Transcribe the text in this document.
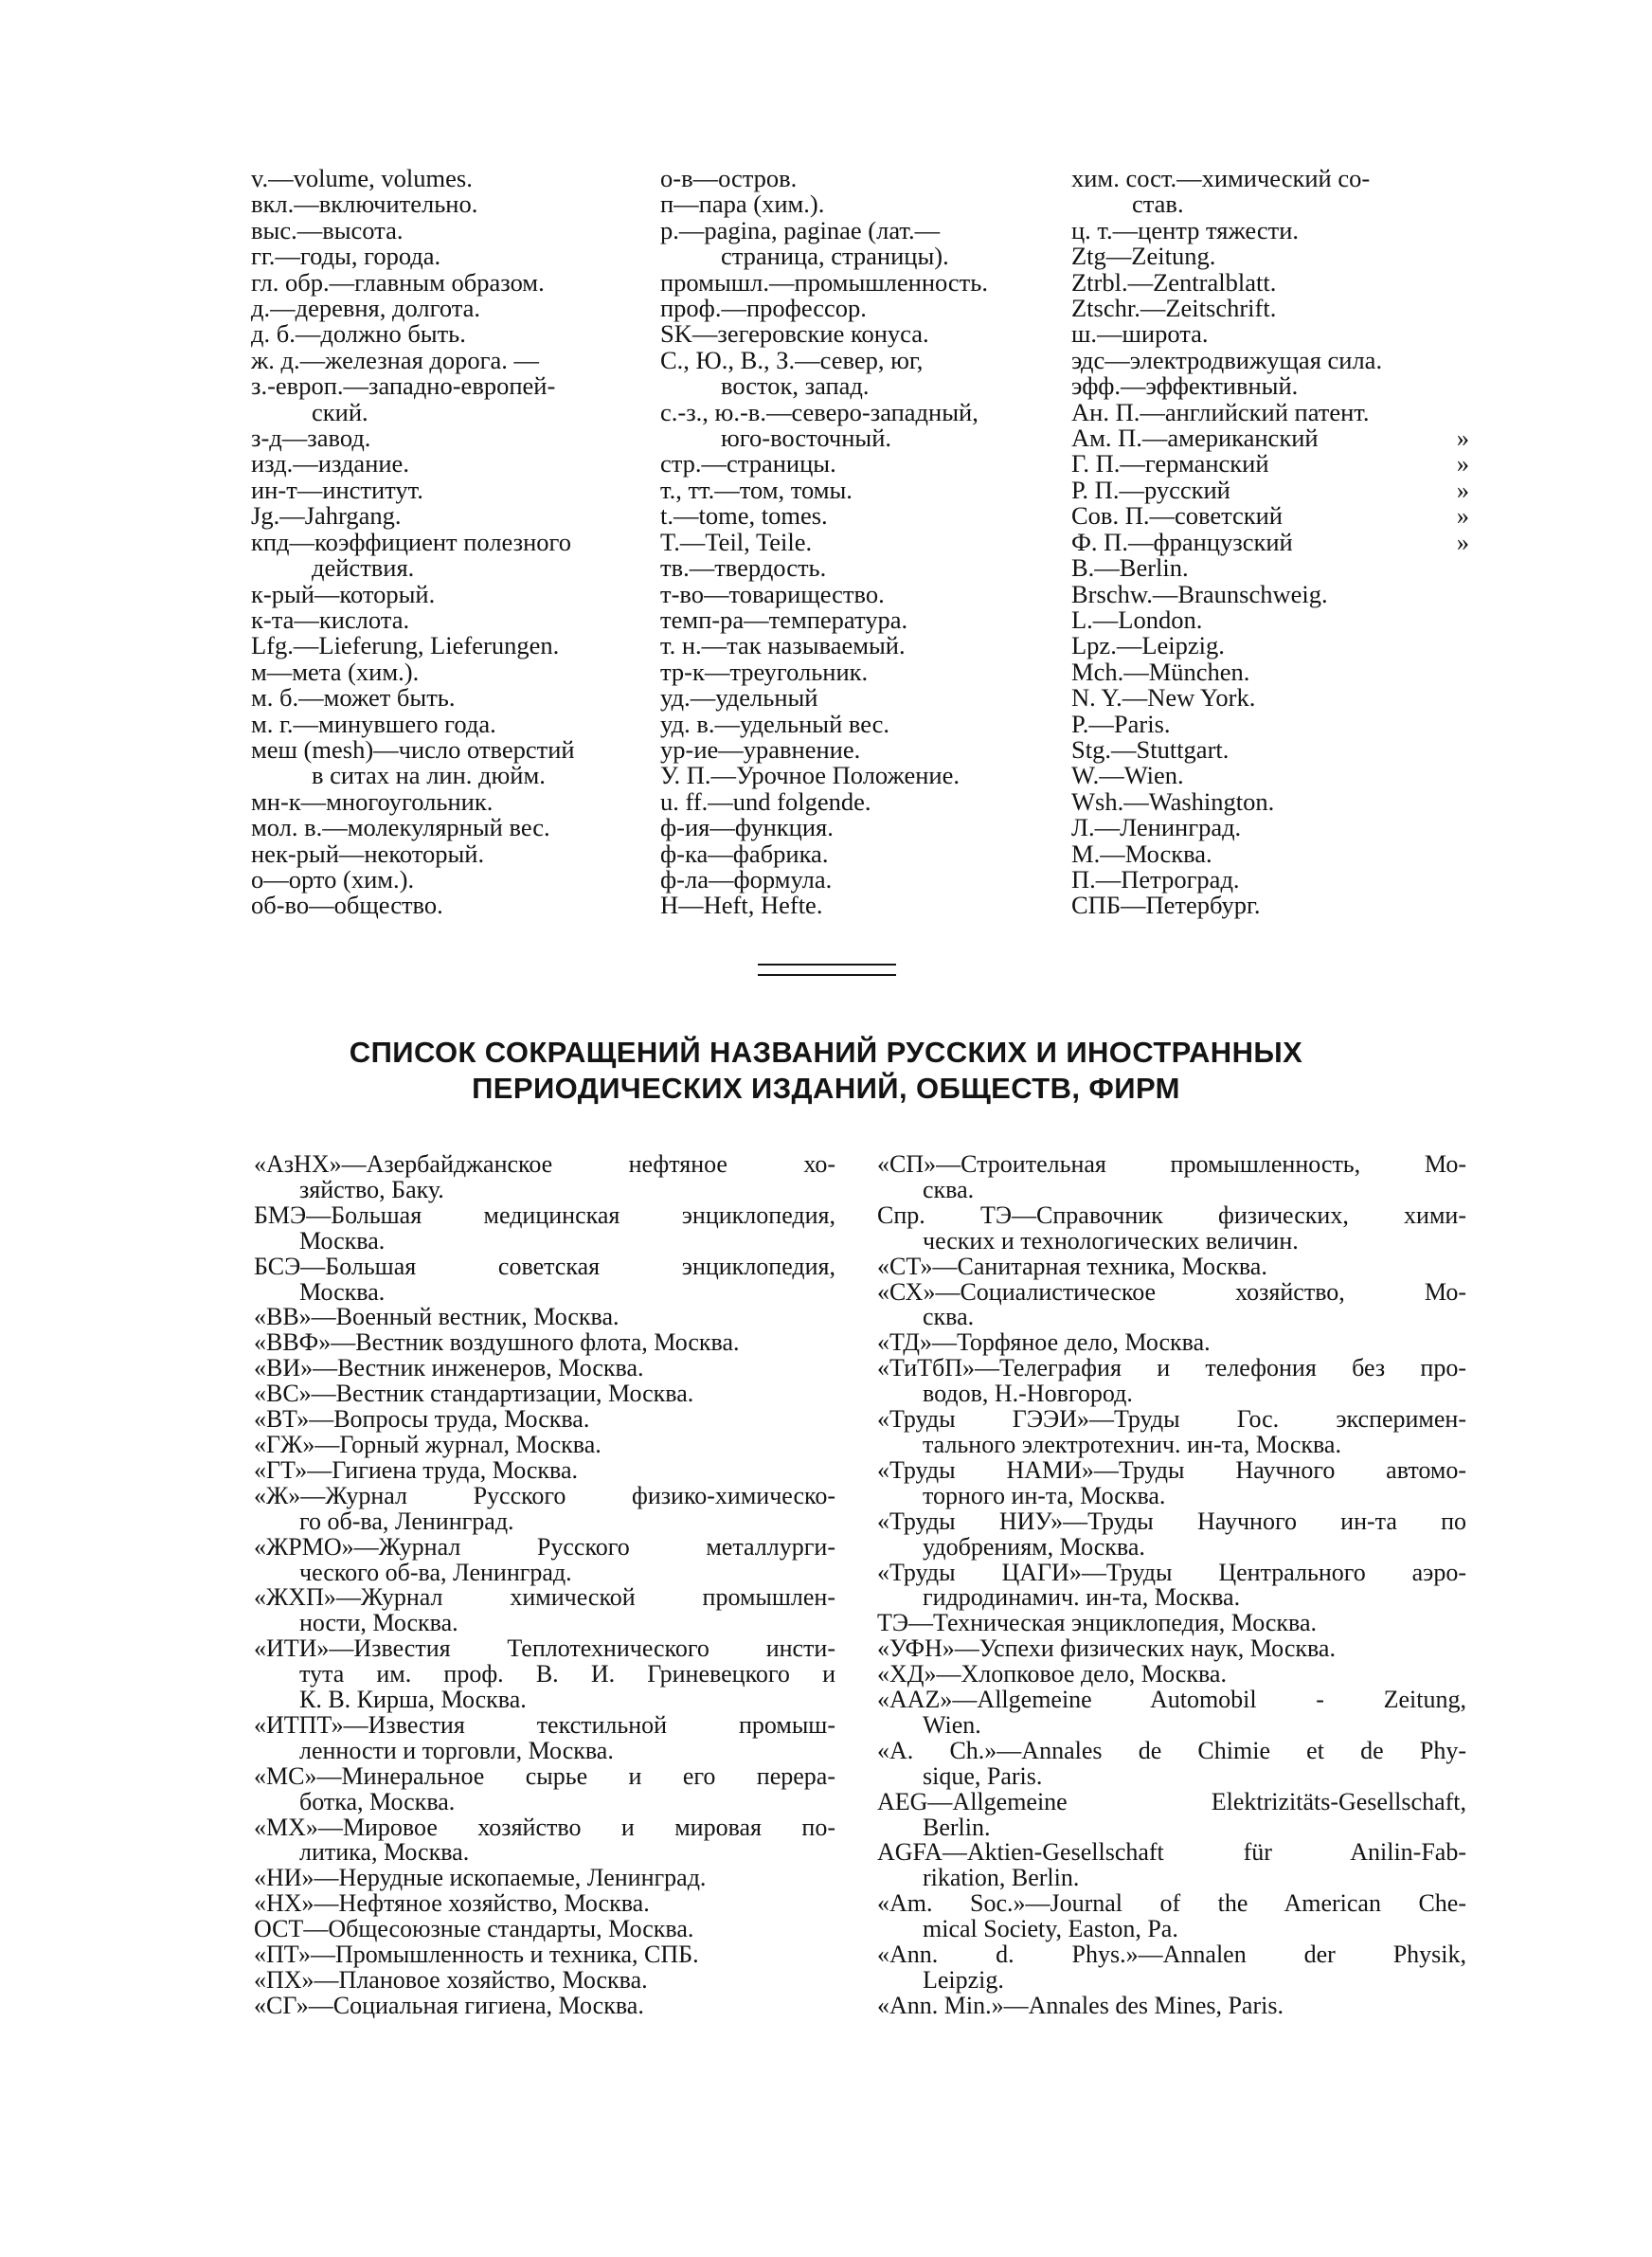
v.—volume, volumes.
вкл.—включительно.
выс.—высота.
гг.—годы, города.
гл. обр.—главным образом.
д.—деревня, долгота.
д. б.—должно быть.
ж. д.—железная дорога. —
з.-европ.—западно-европей-
ский.
з-д—завод.
изд.—издание.
ин-т—институт.
Jg.—Jahrgang.
кпд—коэффициент полезного
действия.
к-рый—который.
к-та—кислота.
Lfg.—Lieferung, Lieferungen.
м—мета (хим.).
м. б.—может быть.
м. г.—минувшего года.
меш (mesh)—число отверстий
в ситах на лин. дюйм.
мн-к—многоугольник.
мол. в.—молекулярный вес.
нек-рый—некоторый.
о—орто (хим.).
об-во—общество.
о-в—остров.
п—пара (хим.).
р.—pagina, paginae (лат.—
страница, страницы).
промышл.—промышленность.
проф.—профессор.
SK—зегеровские конуса.
С., Ю., В., З.—север, юг,
восток, запад.
с.-з., ю.-в.—северо-западный,
юго-восточный.
стр.—страницы.
т., тт.—том, томы.
t.—tome, tomes.
T.—Teil, Teile.
тв.—твердость.
т-во—товарищество.
темп-ра—температура.
т. н.—так называемый.
тр-к—треугольник.
уд.—удельный
уд. в.—удельный вес.
ур-ие—уравнение.
У. П.—Урочное Положение.
u. ff.—und folgende.
ф-ия—функция.
ф-ка—фабрика.
ф-ла—формула.
H—Heft, Hefte.
хим. сост.—химический со-
став.
ц. т.—центр тяжести.
Ztg—Zeitung.
Ztrbl.—Zentralblatt.
Ztschr.—Zeitschrift.
ш.—широта.
эдс—электродвижущая сила.
эфф.—эффективный.
Ан. П.—английский патент.
Ам. П.—американский	»
Г. П.—германский	»
Р. П.—русский	»
Сов. П.—советский	»
Ф. П.—французский	»
B.—Berlin.
Brschw.—Braunschweig.
L.—London.
Lpz.—Leipzig.
Mch.—München.
N. Y.—New York.
P.—Paris.
Stg.—Stuttgart.
W.—Wien.
Wsh.—Washington.
Л.—Ленинград.
М.—Москва.
П.—Петроград.
СПБ—Петербург.
СПИСОК СОКРАЩЕНИЙ НАЗВАНИЙ РУССКИХ И ИНОСТРАННЫХ
ПЕРИОДИЧЕСКИХ ИЗДАНИЙ, ОБЩЕСТВ, ФИРМ
«АзНХ»—Азербайджанское нефтяное хо-
зяйство, Баку.
БМЭ—Большая медицинская энциклопедия,
Москва.
БСЭ—Большая советская энциклопедия,
Москва.
«ВВ»—Военный вестник, Москва.
«ВВФ»—Вестник воздушного флота, Москва.
«ВИ»—Вестник инженеров, Москва.
«ВС»—Вестник стандартизации, Москва.
«ВТ»—Вопросы труда, Москва.
«ГЖ»—Горный журнал, Москва.
«ГТ»—Гигиена труда, Москва.
«Ж»—Журнал Русского физико-химическо-
го об-ва, Ленинград.
«ЖРМО»—Журнал Русского металлурги-
ческого об-ва, Ленинград.
«ЖХП»—Журнал химической промышлен-
ности, Москва.
«ИТИ»—Известия Теплотехнического инсти-
тута им. проф. В. И. Гриневецкого и
К. В. Кирша, Москва.
«ИТПТ»—Известия текстильной промыш-
ленности и торговли, Москва.
«МС»—Минеральное сырье и его перера-
ботка, Москва.
«МХ»—Мировое хозяйство и мировая по-
литика, Москва.
«НИ»—Нерудные ископаемые, Ленинград.
«НХ»—Нефтяное хозяйство, Москва.
ОСТ—Общесоюзные стандарты, Москва.
«ПТ»—Промышленность и техника, СПБ.
«ПХ»—Плановое хозяйство, Москва.
«СГ»—Социальная гигиена, Москва.
«СП»—Строительная промышленность, Мо-
сква.
Спр. ТЭ—Справочник физических, хими-
ческих и технологических величин.
«СТ»—Санитарная техника, Москва.
«СХ»—Социалистическое хозяйство, Мо-
сква.
«ТД»—Торфяное дело, Москва.
«ТиТбП»—Телеграфия и телефония без про-
водов, Н.-Новгород.
«Труды ГЭЭИ»—Труды Гос. эксперимен-
тального электротехнич. ин-та, Москва.
«Труды НАМИ»—Труды Научного автомо-
торного ин-та, Москва.
«Труды НИУ»—Труды Научного ин-та по
удобрениям, Москва.
«Труды ЦАГИ»—Труды Центрального аэро-
гидродинамич. ин-та, Москва.
ТЭ—Техническая энциклопедия, Москва.
«УФН»—Успехи физических наук, Москва.
«ХД»—Хлопковое дело, Москва.
«AAZ»—Allgemeine Automobil - Zeitung,
Wien.
«A. Ch.»—Annales de Chimie et de Phy-
sique, Paris.
AEG—Allgemeine Elektrizitäts-Gesellschaft,
Berlin.
AGFA—Aktien-Gesellschaft für Anilin-Fab-
rikation, Berlin.
«Am. Soc.»—Journal of the American Che-
mical Society, Easton, Pa.
«Ann. d. Phys.»—Annalen der Physik,
Leipzig.
«Ann. Min.»—Annales des Mines, Paris.
